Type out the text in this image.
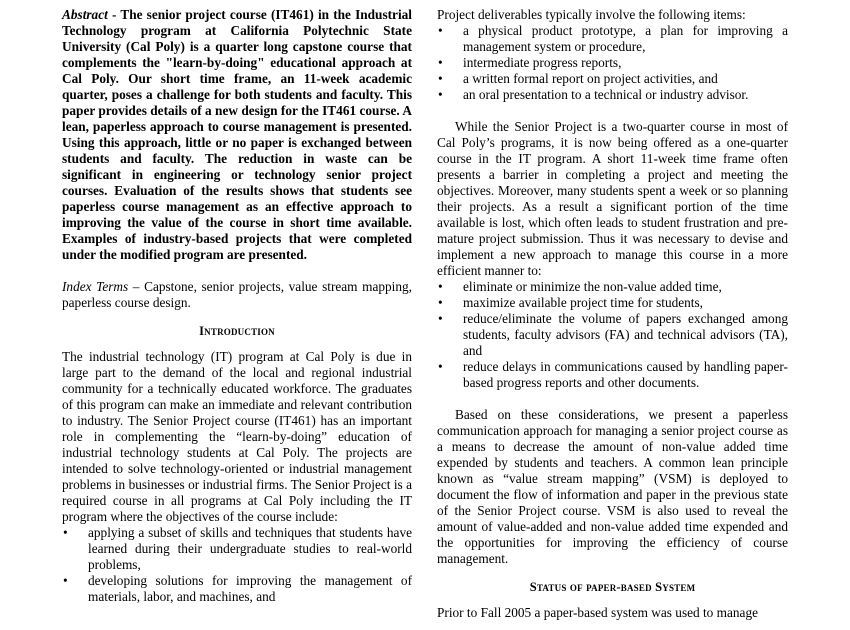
Abstract - The senior project course (IT461) in the Industrial Technology program at California Polytechnic State University (Cal Poly) is a quarter long capstone course that complements the "learn-by-doing" educational approach at Cal Poly. Our short time frame, an 11-week academic quarter, poses a challenge for both students and faculty. This paper provides details of a new design for the IT461 course. A lean, paperless approach to course management is presented. Using this approach, little or no paper is exchanged between students and faculty. The reduction in waste can be significant in engineering or technology senior project courses. Evaluation of the results shows that students see paperless course management as an effective approach to improving the value of the course in short time available. Examples of industry-based projects that were completed under the modified program are presented.

Index Terms – Capstone, senior projects, value stream mapping, paperless course design.

Introduction

The industrial technology (IT) program at Cal Poly is due in large part to the demand of the local and regional industrial community for a technically educated workforce. The graduates of this program can make an immediate and relevant contribution to industry. The Senior Project course (IT461) has an important role in complementing the “learn-by-doing” education of industrial technology students at Cal Poly. The projects are intended to solve technology-oriented or industrial management problems in businesses or industrial firms. The Senior Project is a required course in all programs at Cal Poly including the IT program where the objectives of the course include:

• applying a subset of skills and techniques that students have learned during their undergraduate studies to real-world problems,
• developing solutions for improving the management of materials, labor, and machines, and

Project deliverables typically involve the following items:

• a physical product prototype, a plan for improving a management system or procedure,
• intermediate progress reports,
• a written formal report on project activities, and
• an oral presentation to a technical or industry advisor.

While the Senior Project is a two-quarter course in most of Cal Poly’s programs, it is now being offered as a one-quarter course in the IT program. A short 11-week time frame often presents a barrier in completing a project and meeting the objectives. Moreover, many students spent a week or so planning their projects. As a result a significant portion of the time available is lost, which often leads to student frustration and pre-mature project submission. Thus it was necessary to devise and implement a new approach to manage this course in a more efficient manner to:

• eliminate or minimize the non-value added time,
• maximize available project time for students,
• reduce/eliminate the volume of papers exchanged among students, faculty advisors (FA) and technical advisors (TA), and
• reduce delays in communications caused by handling paper-based progress reports and other documents.

Based on these considerations, we present a paperless communication approach for managing a senior project course as a means to decrease the amount of non-value added time expended by students and teachers. A common lean principle known as “value stream mapping” (VSM) is deployed to document the flow of information and paper in the previous state of the Senior Project course. VSM is also used to reveal the amount of value-added and non-value added time expended and the opportunities for improving the efficiency of course management.

Status of paper-based System

Prior to Fall 2005 a paper-based system was used to manage
